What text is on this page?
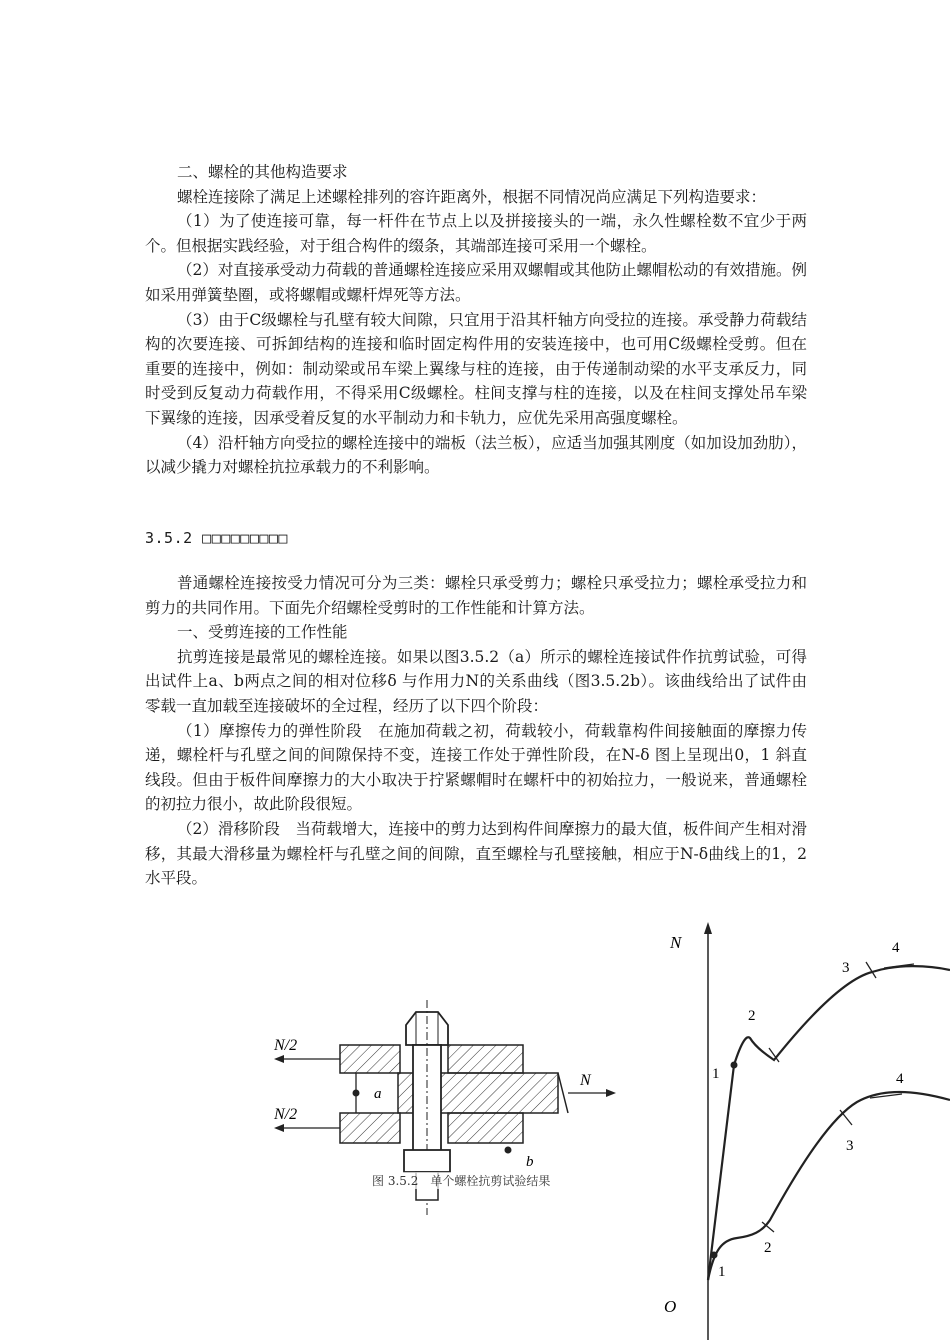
二、螺栓的其他构造要求

螺栓连接除了满足上述螺栓排列的容许距离外，根据不同情况尚应满足下列构造要求：

（1）为了使连接可靠，每一杆件在节点上以及拼接接头的一端，永久性螺栓数不宜少于两个。但根据实践经验，对于组合构件的缀条，其端部连接可采用一个螺栓。

（2）对直接承受动力荷载的普通螺栓连接应采用双螺帽或其他防止螺帽松动的有效措施。例如采用弹簧垫圈，或将螺帽或螺杆焊死等方法。

（3）由于C级螺栓与孔壁有较大间隙，只宜用于沿其杆轴方向受拉的连接。承受静力荷载结构的次要连接、可拆卸结构的连接和临时固定构件用的安装连接中，也可用C级螺栓受剪。但在重要的连接中，例如：制动梁或吊车梁上翼缘与柱的连接，由于传递制动梁的水平支承反力，同时受到反复动力荷载作用，不得采用C级螺栓。柱间支撑与柱的连接，以及在柱间支撑处吊车梁下翼缘的连接，因承受着反复的水平制动力和卡轨力，应优先采用高强度螺栓。

（4）沿杆轴方向受拉的螺栓连接中的端板（法兰板），应适当加强其刚度（如加设加劲肋），以减少撬力对螺栓抗拉承载力的不利影响。

3.5.2 □□□□□□□□□

普通螺栓连接按受力情况可分为三类：螺栓只承受剪力；螺栓只承受拉力；螺栓承受拉力和剪力的共同作用。下面先介绍螺栓受剪时的工作性能和计算方法。

一、受剪连接的工作性能

抗剪连接是最常见的螺栓连接。如果以图3.5.2（a）所示的螺栓连接试件作抗剪试验，可得出试件上a、b两点之间的相对位移δ 与作用力N的关系曲线（图3.5.2b）。该曲线给出了试件由零载一直加载至连接破坏的全过程，经历了以下四个阶段：

（1）摩擦传力的弹性阶段　在施加荷载之初，荷载较小，荷载靠构件间接触面的摩擦力传递，螺栓杆与孔壁之间的间隙保持不变，连接工作处于弹性阶段，在N-δ 图上呈现出0，1 斜直线段。但由于板件间摩擦力的大小取决于拧紧螺帽时在螺杆中的初始拉力，一般说来，普通螺栓的初拉力很小，故此阶段很短。

（2）滑移阶段　当荷载增大，连接中的剪力达到构件间摩擦力的最大值，板件间产生相对滑移，其最大滑移量为螺栓杆与孔壁之间的间隙，直至螺栓与孔壁接触，相应于N-δ曲线上的1，2 水平段。

N/2
N/2
N
a
b
图 3.5.2　单个螺栓抗剪试验结果
N
O
1
2
3
4
1
2
3
4
